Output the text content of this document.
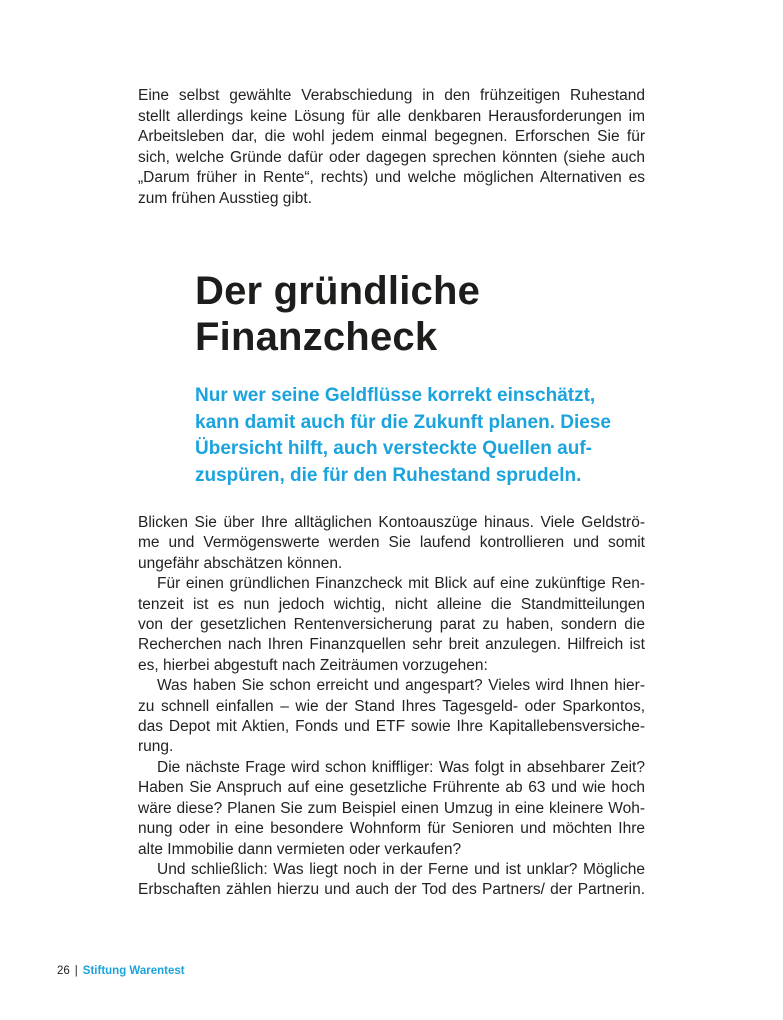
Eine selbst gewählte Verabschiedung in den frühzeitigen Ruhestand
stellt allerdings keine Lösung für alle denkbaren Herausforderungen im
Arbeitsleben dar, die wohl jedem einmal begegnen. Erforschen Sie für
sich, welche Gründe dafür oder dagegen sprechen könnten (siehe auch
„Darum früher in Rente“, rechts) und welche möglichen Alternativen es
zum frühen Ausstieg gibt.
Der gründliche
Finanzcheck
Nur wer seine Geldflüsse korrekt einschätzt,
kann damit auch für die Zukunft planen. Diese
Übersicht hilft, auch versteckte Quellen auf-
zuspüren, die für den Ruhestand sprudeln.
Blicken Sie über Ihre alltäglichen Kontoauszüge hinaus. Viele Geldströ-
me und Vermögenswerte werden Sie laufend kontrollieren und somit
ungefähr abschätzen können.
Für einen gründlichen Finanzcheck mit Blick auf eine zukünftige Ren-
tenzeit ist es nun jedoch wichtig, nicht alleine die Standmitteilungen
von der gesetzlichen Rentenversicherung parat zu haben, sondern die
Recherchen nach Ihren Finanzquellen sehr breit anzulegen. Hilfreich ist
es, hierbei abgestuft nach Zeiträumen vorzugehen:
Was haben Sie schon erreicht und angespart? Vieles wird Ihnen hier-
zu schnell einfallen – wie der Stand Ihres Tagesgeld- oder Sparkontos,
das Depot mit Aktien, Fonds und ETF sowie Ihre Kapitallebensversiche-
rung.
Die nächste Frage wird schon kniffliger: Was folgt in absehbarer Zeit?
Haben Sie Anspruch auf eine gesetzliche Frührente ab 63 und wie hoch
wäre diese? Planen Sie zum Beispiel einen Umzug in eine kleinere Woh-
nung oder in eine besondere Wohnform für Senioren und möchten Ihre
alte Immobilie dann vermieten oder verkaufen?
Und schließlich: Was liegt noch in der Ferne und ist unklar? Mögliche
Erbschaften zählen hierzu und auch der Tod des Partners/ der Partnerin.
26 | Stiftung Warentest
